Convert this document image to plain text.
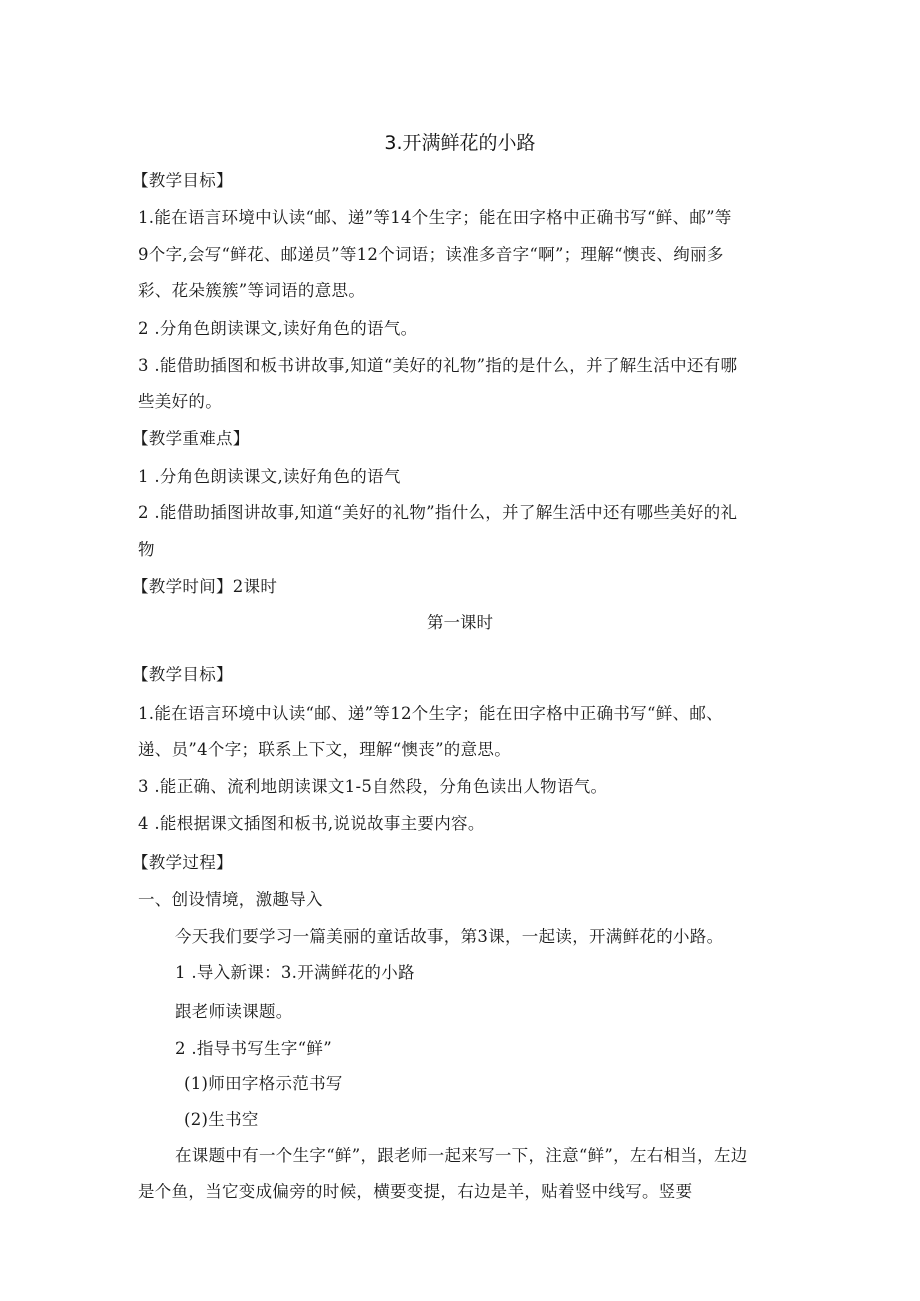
3.开满鲜花的小路
【教学目标】
1.能在语言环境中认读“邮、递”等14个生字；能在田字格中正确书写“鲜、邮”等
9个字,会写“鲜花、邮递员”等12个词语；读准多音字“啊”；理解“懊丧、绚丽多
彩、花朵簇簇”等词语的意思。
2 .分角色朗读课文,读好角色的语气。
3 .能借助插图和板书讲故事,知道“美好的礼物”指的是什么，并了解生活中还有哪
些美好的。
【教学重难点】
1 .分角色朗读课文,读好角色的语气
2 .能借助插图讲故事,知道“美好的礼物”指什么，并了解生活中还有哪些美好的礼
物
【教学时间】2课时
第一课时
【教学目标】
1.能在语言环境中认读“邮、递”等12个生字；能在田字格中正确书写“鲜、邮、
递、员”4个字；联系上下文，理解“懊丧”的意思。
3 .能正确、流利地朗读课文1-5自然段，分角色读出人物语气。
4 .能根据课文插图和板书,说说故事主要内容。
【教学过程】
一、创设情境，激趣导入
今天我们要学习一篇美丽的童话故事，第3课，一起读，开满鲜花的小路。
1 .导入新课：3.开满鲜花的小路
跟老师读课题。
2 .指导书写生字“鲜”
(1)师田字格示范书写
(2)生书空
在课题中有一个生字“鲜”，跟老师一起来写一下，注意“鲜”，左右相当，左边
是个鱼，当它变成偏旁的时候，横要变提，右边是羊，贴着竖中线写。竖要
